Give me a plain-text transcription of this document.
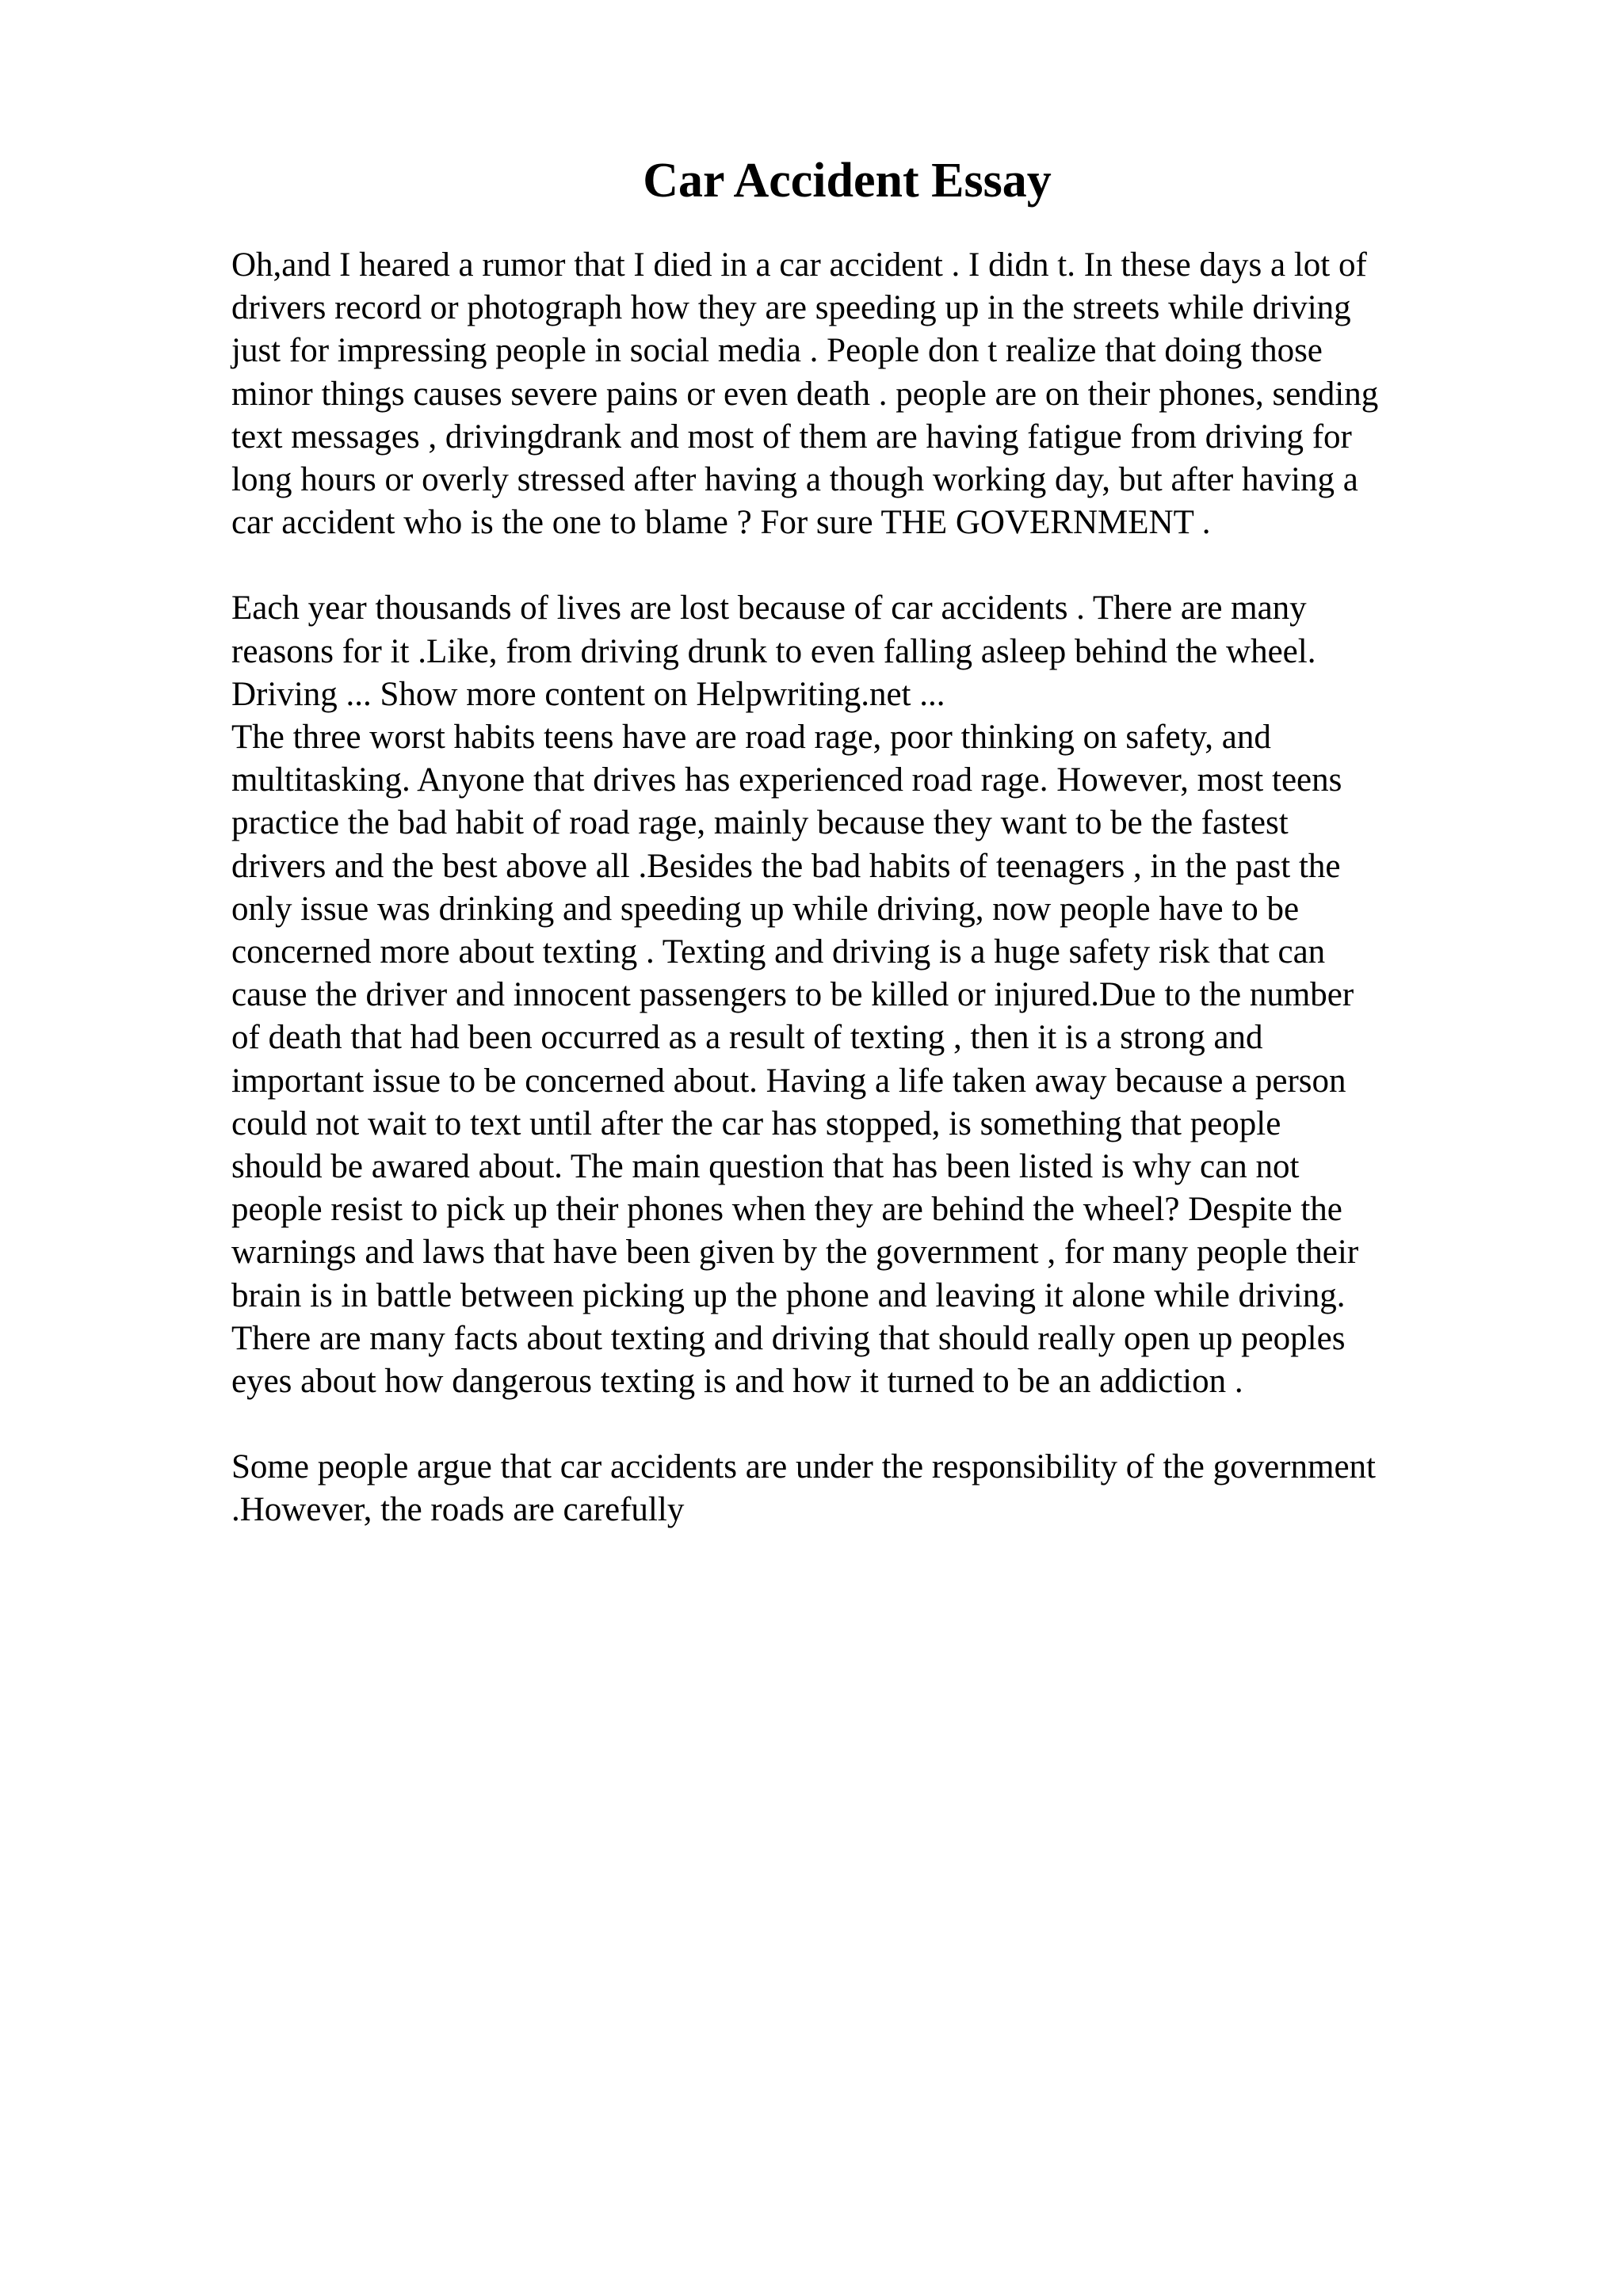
Car Accident Essay

Oh,and I heared a rumor that I died in a car accident . I didn t. In these days a lot of
drivers record or photograph how they are speeding up in the streets while driving
just for impressing people in social media . People don t realize that doing those
minor things causes severe pains or even death . people are on their phones, sending
text messages , drivingdrank and most of them are having fatigue from driving for
long hours or overly stressed after having a though working day, but after having a
car accident who is the one to blame ? For sure THE GOVERNMENT .

Each year thousands of lives are lost because of car accidents . There are many
reasons for it .Like, from driving drunk to even falling asleep behind the wheel.
Driving ... Show more content on Helpwriting.net ...

The three worst habits teens have are road rage, poor thinking on safety, and
multitasking. Anyone that drives has experienced road rage. However, most teens
practice the bad habit of road rage, mainly because they want to be the fastest
drivers and the best above all .Besides the bad habits of teenagers , in the past the
only issue was drinking and speeding up while driving, now people have to be
concerned more about texting . Texting and driving is a huge safety risk that can
cause the driver and innocent passengers to be killed or injured.Due to the number
of death that had been occurred as a result of texting , then it is a strong and
important issue to be concerned about. Having a life taken away because a person
could not wait to text until after the car has stopped, is something that people
should be awared about. The main question that has been listed is why can not
people resist to pick up their phones when they are behind the wheel? Despite the
warnings and laws that have been given by the government , for many people their
brain is in battle between picking up the phone and leaving it alone while driving.
There are many facts about texting and driving that should really open up peoples
eyes about how dangerous texting is and how it turned to be an addiction .

Some people argue that car accidents are under the responsibility of the government
.However, the roads are carefully
